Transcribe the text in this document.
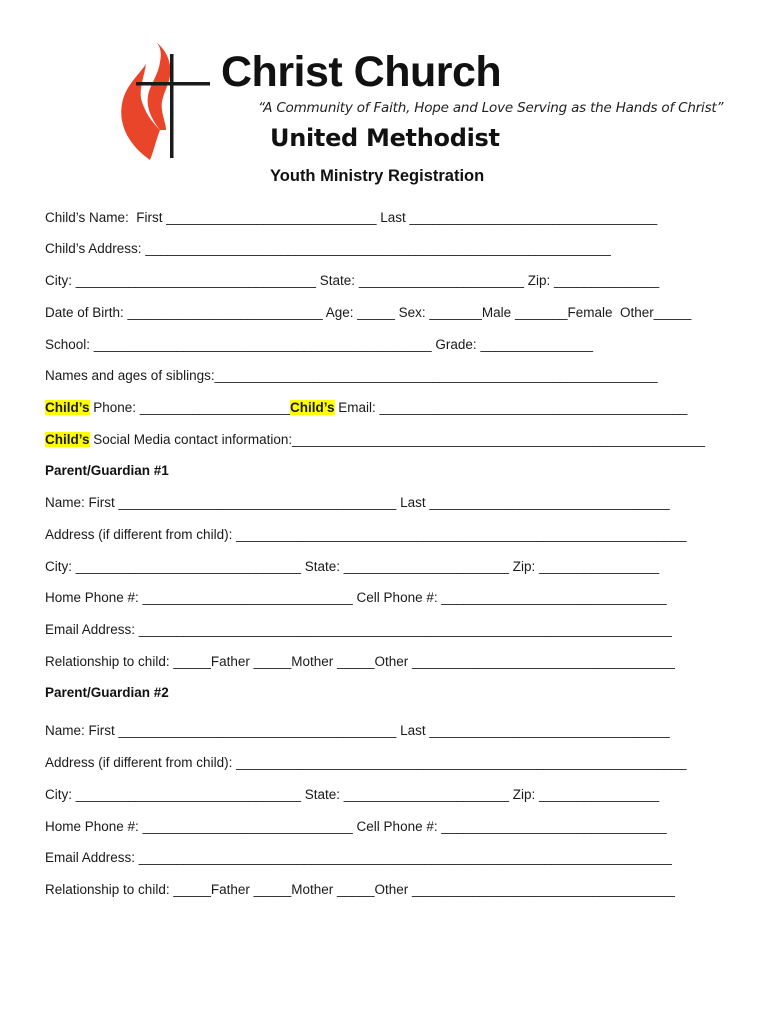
Christ Church
“A Community of Faith, Hope and Love Serving as the Hands of Christ”
United Methodist
Youth Ministry Registration
Child’s Name:  First ____________________________ Last _________________________________
Child’s Address: ______________________________________________________________
City: ________________________________ State: ______________________ Zip: ______________
Date of Birth: __________________________ Age: _____ Sex: _______Male _______Female  Other_____
School: _____________________________________________ Grade: _______________
Names and ages of siblings:___________________________________________________________
Child’s Phone: ____________________Child’s Email: _________________________________________
Child’s Social Media contact information:_______________________________________________________
Parent/Guardian #1
Name: First _____________________________________ Last ________________________________
Address (if different from child): ____________________________________________________________
City: ______________________________ State: ______________________ Zip: ________________
Home Phone #: ____________________________ Cell Phone #: ______________________________
Email Address: _______________________________________________________________________
Relationship to child: _____Father _____Mother _____Other ___________________________________
Parent/Guardian #2
Name: First _____________________________________ Last ________________________________
Address (if different from child): ____________________________________________________________
City: ______________________________ State: ______________________ Zip: ________________
Home Phone #: ____________________________ Cell Phone #: ______________________________
Email Address: _______________________________________________________________________
Relationship to child: _____Father _____Mother _____Other ___________________________________
